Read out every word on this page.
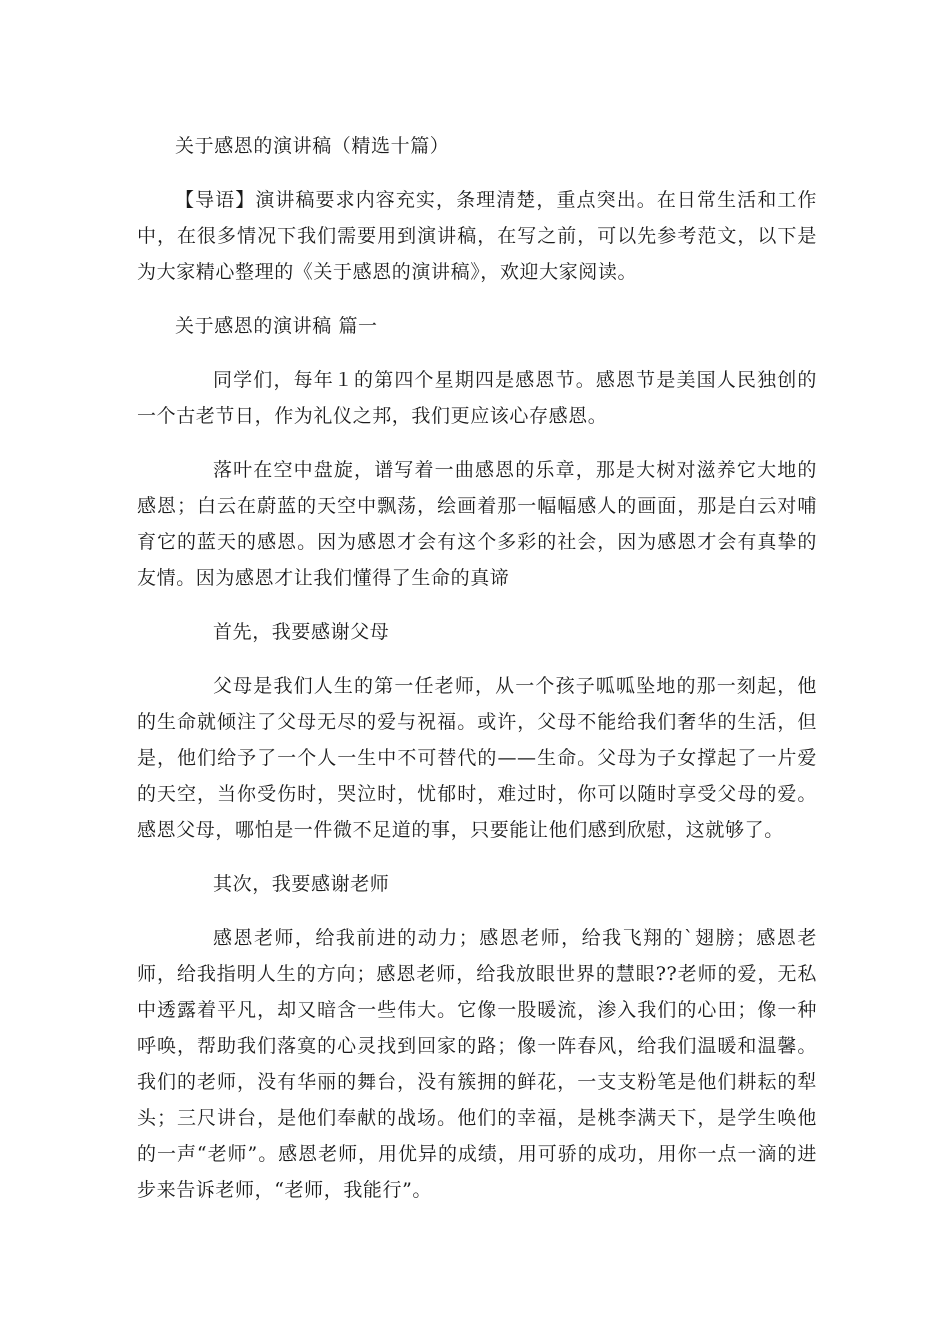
关于感恩的演讲稿（精选十篇）

【导语】演讲稿要求内容充实，条理清楚，重点突出。在日常生活和工作中，在很多情况下我们需要用到演讲稿，在写之前，可以先参考范文，以下是为大家精心整理的《关于感恩的演讲稿》，欢迎大家阅读。

关于感恩的演讲稿 篇一

同学们，每年１的第四个星期四是感恩节。感恩节是美国人民独创的一个古老节日，作为礼仪之邦，我们更应该心存感恩。

落叶在空中盘旋，谱写着一曲感恩的乐章，那是大树对滋养它大地的感恩；白云在蔚蓝的天空中飘荡，绘画着那一幅幅感人的画面，那是白云对哺育它的蓝天的感恩。因为感恩才会有这个多彩的社会，因为感恩才会有真挚的友情。因为感恩才让我们懂得了生命的真谛

首先，我要感谢父母

父母是我们人生的第一任老师，从一个孩子呱呱坠地的那一刻起，他的生命就倾注了父母无尽的爱与祝福。或许，父母不能给我们奢华的生活，但是，他们给予了一个人一生中不可替代的——生命。父母为子女撑起了一片爱的天空，当你受伤时，哭泣时，忧郁时，难过时，你可以随时享受父母的爱。感恩父母，哪怕是一件微不足道的事，只要能让他们感到欣慰，这就够了。

其次，我要感谢老师

感恩老师，给我前进的动力；感恩老师，给我飞翔的`翅膀；感恩老师，给我指明人生的方向；感恩老师，给我放眼世界的慧眼??老师的爱，无私中透露着平凡，却又暗含一些伟大。它像一股暖流，渗入我们的心田；像一种呼唤，帮助我们落寞的心灵找到回家的路；像一阵春风，给我们温暖和温馨。我们的老师，没有华丽的舞台，没有簇拥的鲜花，一支支粉笔是他们耕耘的犁头；三尺讲台，是他们奉献的战场。他们的幸福，是桃李满天下，是学生唤他的一声“老师”。感恩老师，用优异的成绩，用可骄的成功，用你一点一滴的进步来告诉老师，“老师，我能行”。
